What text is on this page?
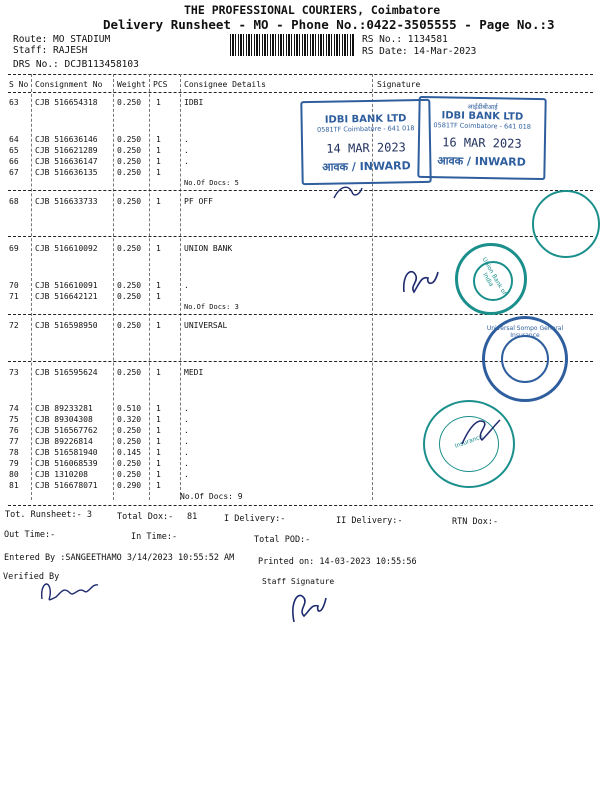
THE PROFESSIONAL COURIERS, Coimbatore
Delivery Runsheet - MO - Phone No.:0422-3505555 - Page No.:3
Route: MO STADIUM
Staff: RAJESH
DRS No.: DCJB113458103
RS No.: 1134581
RS Date: 14-Mar-2023
S No Consignment No Weight PCS Consignee Details	Signature
63 CJB 516654318 0.250 1	IDBI
64 CJB 516636146 0.250 1	.
65 CJB 516621289 0.250 1	.
66 CJB 516636147 0.250 1	.
67 CJB 516636135 0.250 1
No.Of Docs: 5
68 CJB 516633733 0.250 1	PF OFF
69 CJB 516610092 0.250 1	UNION BANK
70 CJB 516610091 0.250 1	.
71 CJB 516642121 0.250 1
No.Of Docs: 3
72 CJB 516598950 0.250 1	UNIVERSAL
73 CJB 516595624 0.250 1	MEDI
74 CJB 89233281	0.510 1	.
75 CJB 89304308	0.320 1	.
76 CJB 516567762 0.250 1	.
77 CJB 89226814	0.250 1	.
78 CJB 516581940 0.145 1	.
79 CJB 516068539 0.250 1	.
80 CJB 1310208	0.250 1	.
81 CJB 516678071 0.290 1
No.Of Docs: 9
Tot. Runsheet:- 3	Total Dox:- 81	I Delivery:-	II Delivery:-	RTN Dox:-
Out Time:-	In Time:-	Total POD:-
Entered By :SANGEETHAMO 3/14/2023 10:55:52 AM	Printed on: 14-03-2023 10:55:56
Verified By	Staff Signature
IDBI BANK LTD
0581TF Coimbatore - 641 018
14 MAR 2023
आवक / INWARD
आईडीबीआई
IDBI BANK LTD
0581TF Coimbatore - 641 018
16 MAR 2023
आवक / INWARD
Union Bank of India
Universal Sompo General Insurance
Insurance
